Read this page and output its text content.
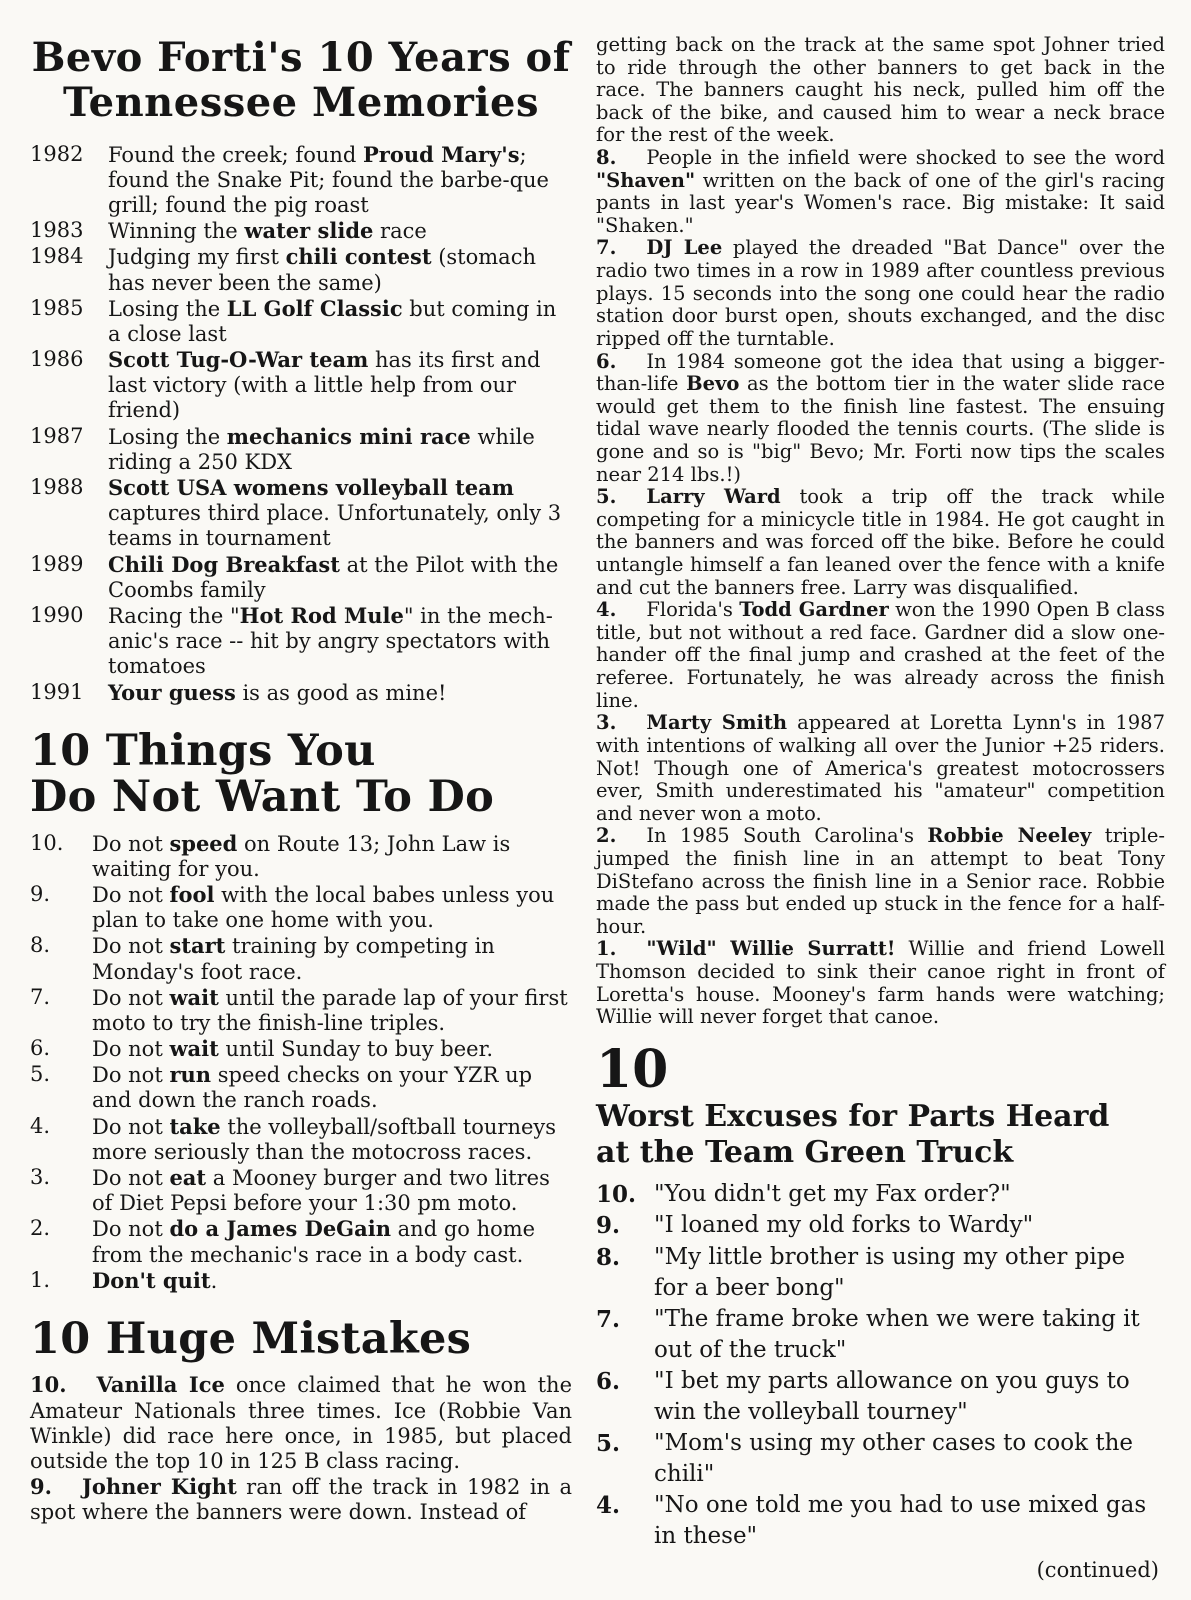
Bevo Forti's 10 Years of
Tennessee Memories
1982	Found the creek; found Proud Mary's; found the Snake Pit; found the barbe-que grill; found the pig roast
1983	Winning the water slide race
1984	Judging my first chili contest (stomach has never been the same)
1985	Losing the LL Golf Classic but coming in a close last
1986	Scott Tug-O-War team has its first and last victory (with a little help from our friend)
1987	Losing the mechanics mini race while riding a 250 KDX
1988	Scott USA womens volleyball team captures third place. Unfortunately, only 3 teams in tournament
1989	Chili Dog Breakfast at the Pilot with the Coombs family
1990	Racing the "Hot Rod Mule" in the mech-anic's race -- hit by angry spectators with tomatoes
1991	Your guess is as good as mine!
10 Things You
Do Not Want To Do
10.	Do not speed on Route 13; John Law is waiting for you.
9.	Do not fool with the local babes unless you plan to take one home with you.
8.	Do not start training by competing in Monday's foot race.
7.	Do not wait until the parade lap of your first moto to try the finish-line triples.
6.	Do not wait until Sunday to buy beer.
5.	Do not run speed checks on your YZR up and down the ranch roads.
4.	Do not take the volleyball/softball tourneys more seriously than the motocross races.
3.	Do not eat a Mooney burger and two litres of Diet Pepsi before your 1:30 pm moto.
2.	Do not do a James DeGain and go home from the mechanic's race in a body cast.
1.	Don't quit.
10 Huge Mistakes

10. Vanilla Ice once claimed that he won the Amateur Nationals three times. Ice (Robbie Van Winkle) did race here once, in 1985, but placed outside the top 10 in 125 B class racing.

9. Johner Kight ran off the track in 1982 in a spot where the banners were down. Instead of

getting back on the track at the same spot Johner tried to ride through the other banners to get back in the race. The banners caught his neck, pulled him off the back of the bike, and caused him to wear a neck brace for the rest of the week.

8. People in the infield were shocked to see the word "Shaven" written on the back of one of the girl's racing pants in last year's Women's race. Big mistake: It said "Shaken."

7. DJ Lee played the dreaded "Bat Dance" over the radio two times in a row in 1989 after countless previous plays. 15 seconds into the song one could hear the radio station door burst open, shouts exchanged, and the disc ripped off the turntable.

6. In 1984 someone got the idea that using a bigger-than-life Bevo as the bottom tier in the water slide race would get them to the finish line fastest. The ensuing tidal wave nearly flooded the tennis courts. (The slide is gone and so is "big" Bevo; Mr. Forti now tips the scales near 214 lbs.!)

5. Larry Ward took a trip off the track while competing for a minicycle title in 1984. He got caught in the banners and was forced off the bike. Before he could untangle himself a fan leaned over the fence with a knife and cut the banners free. Larry was disqualified.

4. Florida's Todd Gardner won the 1990 Open B class title, but not without a red face. Gardner did a slow one-hander off the final jump and crashed at the feet of the referee. Fortunately, he was already across the finish line.

3. Marty Smith appeared at Loretta Lynn's in 1987 with intentions of walking all over the Junior +25 riders. Not! Though one of America's greatest motocrossers ever, Smith underestimated his "amateur" competition and never won a moto.

2. In 1985 South Carolina's Robbie Neeley triple-jumped the finish line in an attempt to beat Tony DiStefano across the finish line in a Senior race. Robbie made the pass but ended up stuck in the fence for a half-hour.

1. "Wild" Willie Surratt! Willie and friend Lowell Thomson decided to sink their canoe right in front of Loretta's house. Mooney's farm hands were watching; Willie will never forget that canoe.

10
Worst Excuses for Parts Heard
at the Team Green Truck
10. "You didn't get my Fax order?"
9.	"I loaned my old forks to Wardy"
8.	"My little brother is using my other pipe for a beer bong"
7.	"The frame broke when we were taking it out of the truck"
6.	"I bet my parts allowance on you guys to win the volleyball tourney"
5.	"Mom's using my other cases to cook the chili"
4.	"No one told me you had to use mixed gas in these"
(continued)
